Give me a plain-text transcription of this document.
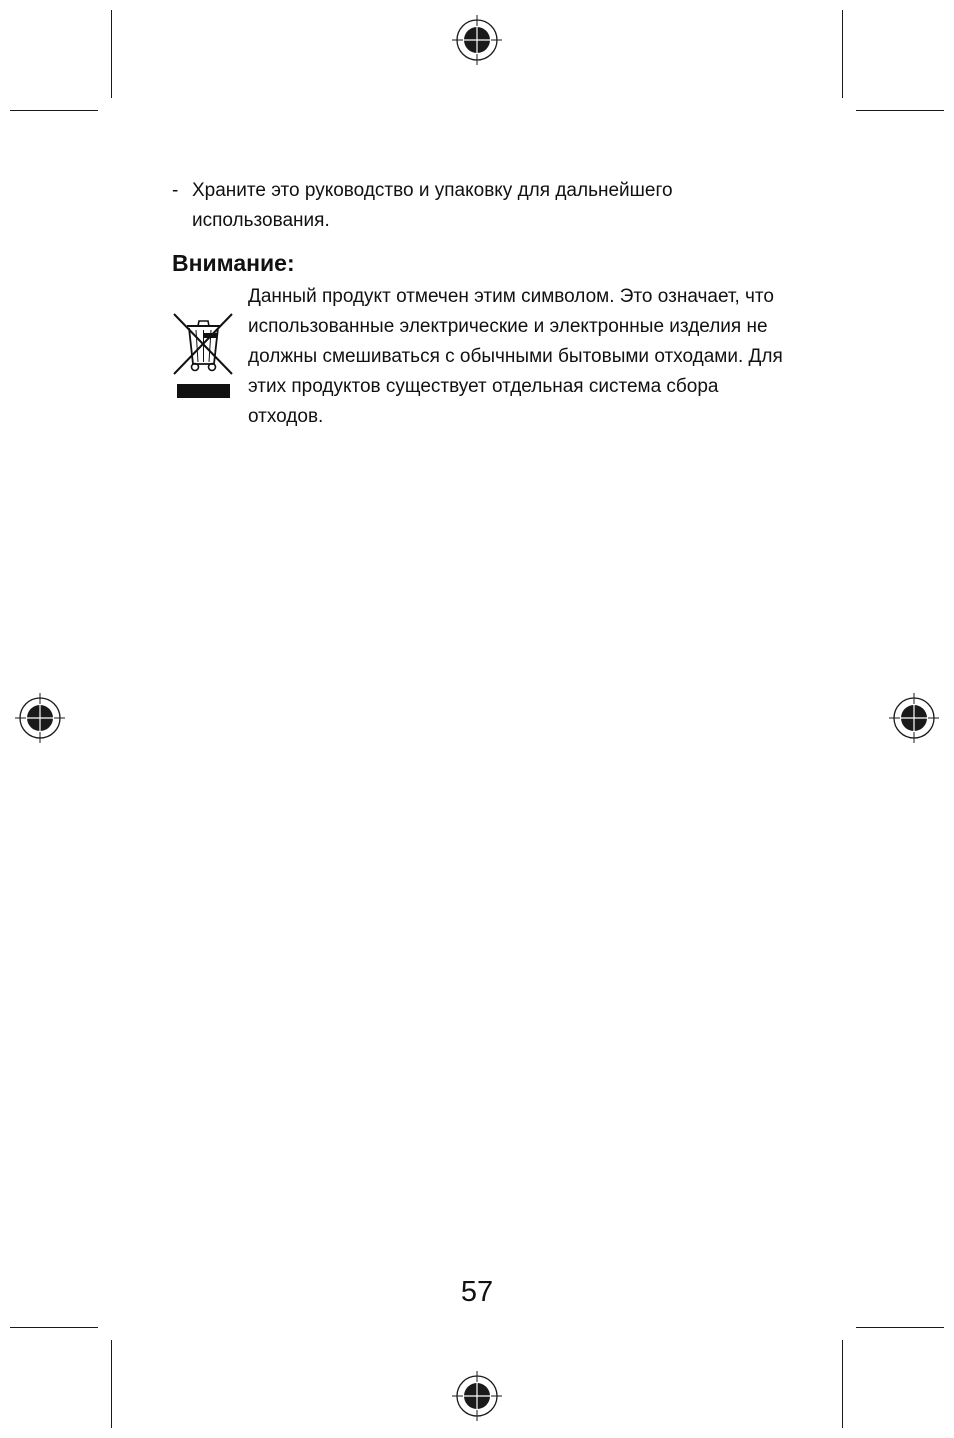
- Храните это руководство и упаковку для дальнейшего использования.
Внимание:
Данный продукт отмечен этим символом. Это означает, что использованные электрические и электронные изделия не должны смешиваться с обычными бытовыми отходами. Для этих продуктов существует отдельная система сбора отходов.
57
